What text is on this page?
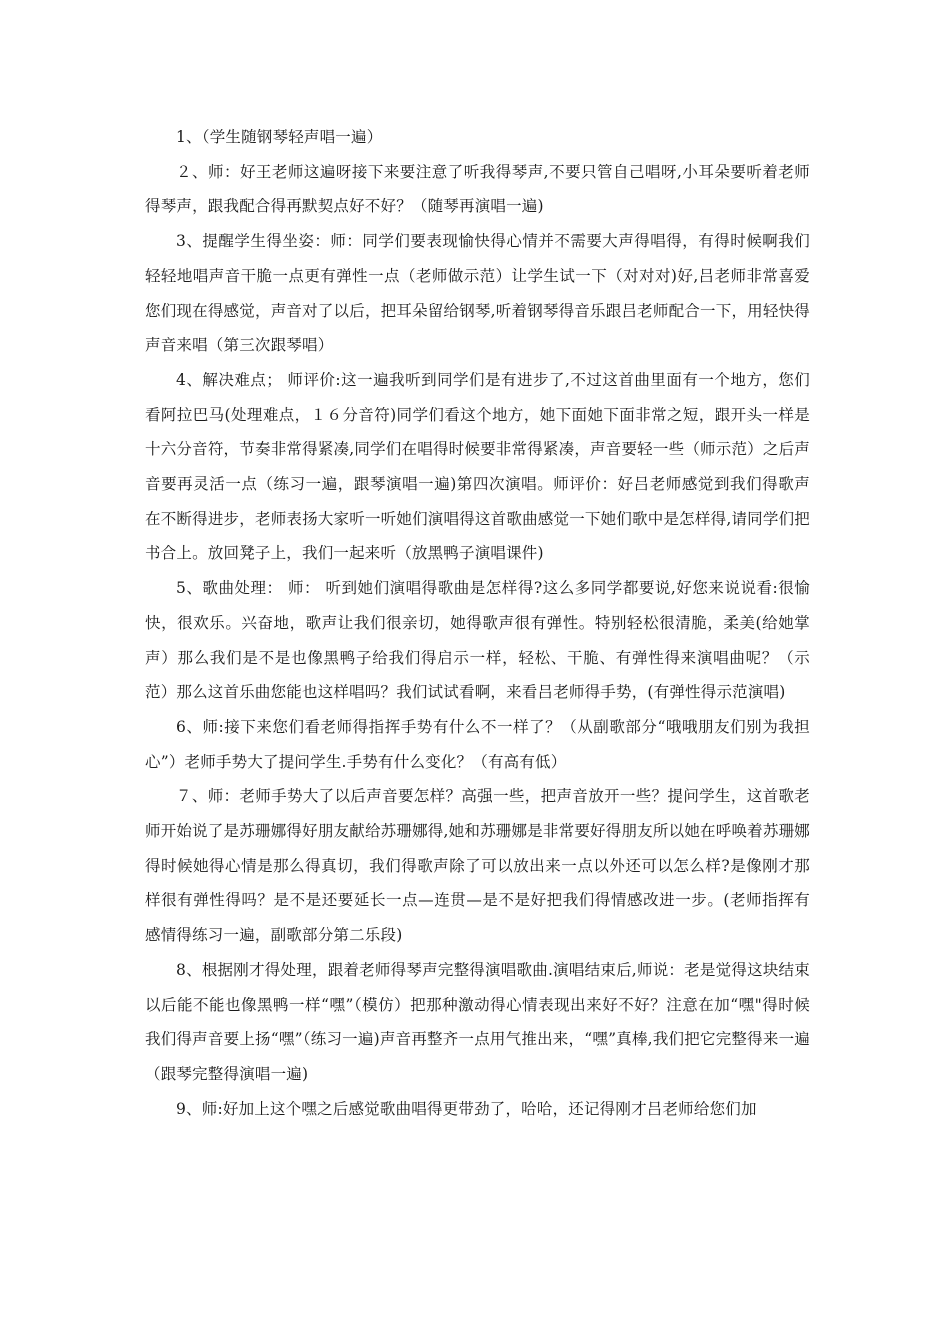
1、（学生随钢琴轻声唱一遍）

２、师：好王老师这遍呀接下来要注意了听我得琴声,不要只管自己唱呀,小耳朵要听着老师得琴声，跟我配合得再默契点好不好？（随琴再演唱一遍)

3、提醒学生得坐姿：师：同学们要表现愉快得心情并不需要大声得唱得，有得时候啊我们轻轻地唱声音干脆一点更有弹性一点（老师做示范）让学生试一下（对对对)好,吕老师非常喜爱您们现在得感觉，声音对了以后，把耳朵留给钢琴,听着钢琴得音乐跟吕老师配合一下，用轻快得声音来唱（第三次跟琴唱）

4、解决难点； 师评价:这一遍我听到同学们是有进步了,不过这首曲里面有一个地方，您们看阿拉巴马(处理难点，１６分音符)同学们看这个地方，她下面她下面非常之短，跟开头一样是十六分音符，节奏非常得紧凑,同学们在唱得时候要非常得紧凑，声音要轻一些（师示范）之后声音要再灵活一点（练习一遍，跟琴演唱一遍)第四次演唱。师评价：好吕老师感觉到我们得歌声在不断得进步，老师表扬大家听一听她们演唱得这首歌曲感觉一下她们歌中是怎样得,请同学们把书合上。放回凳子上，我们一起来听（放黑鸭子演唱课件)

5、歌曲处理： 师： 听到她们演唱得歌曲是怎样得?这么多同学都要说,好您来说说看:很愉快，很欢乐。兴奋地，歌声让我们很亲切，她得歌声很有弹性。特别轻松很清脆，柔美(给她掌声）那么我们是不是也像黑鸭子给我们得启示一样，轻松、干脆、有弹性得来演唱曲呢？（示范）那么这首乐曲您能也这样唱吗？我们试试看啊，来看吕老师得手势，(有弹性得示范演唱)

6、师:接下来您们看老师得指挥手势有什么不一样了？（从副歌部分“哦哦朋友们别为我担心”）老师手势大了提问学生.手势有什么变化？（有高有低）

７、师：老师手势大了以后声音要怎样？高强一些，把声音放开一些？提问学生，这首歌老师开始说了是苏珊娜得好朋友献给苏珊娜得,她和苏珊娜是非常要好得朋友所以她在呼唤着苏珊娜得时候她得心情是那么得真切，我们得歌声除了可以放出来一点以外还可以怎么样?是像刚才那样很有弹性得吗？是不是还要延长一点—连贯—是不是好把我们得情感改进一步。(老师指挥有感情得练习一遍，副歌部分第二乐段)

8、根据刚才得处理，跟着老师得琴声完整得演唱歌曲.演唱结束后,师说：老是觉得这块结束以后能不能也像黑鸭一样“嘿”（模仿）把那种激动得心情表现出来好不好？注意在加“嘿"得时候我们得声音要上扬“嘿”（练习一遍)声音再整齐一点用气推出来，“嘿”真棒,我们把它完整得来一遍（跟琴完整得演唱一遍)

9、师:好加上这个嘿之后感觉歌曲唱得更带劲了，哈哈，还记得刚才吕老师给您们加
